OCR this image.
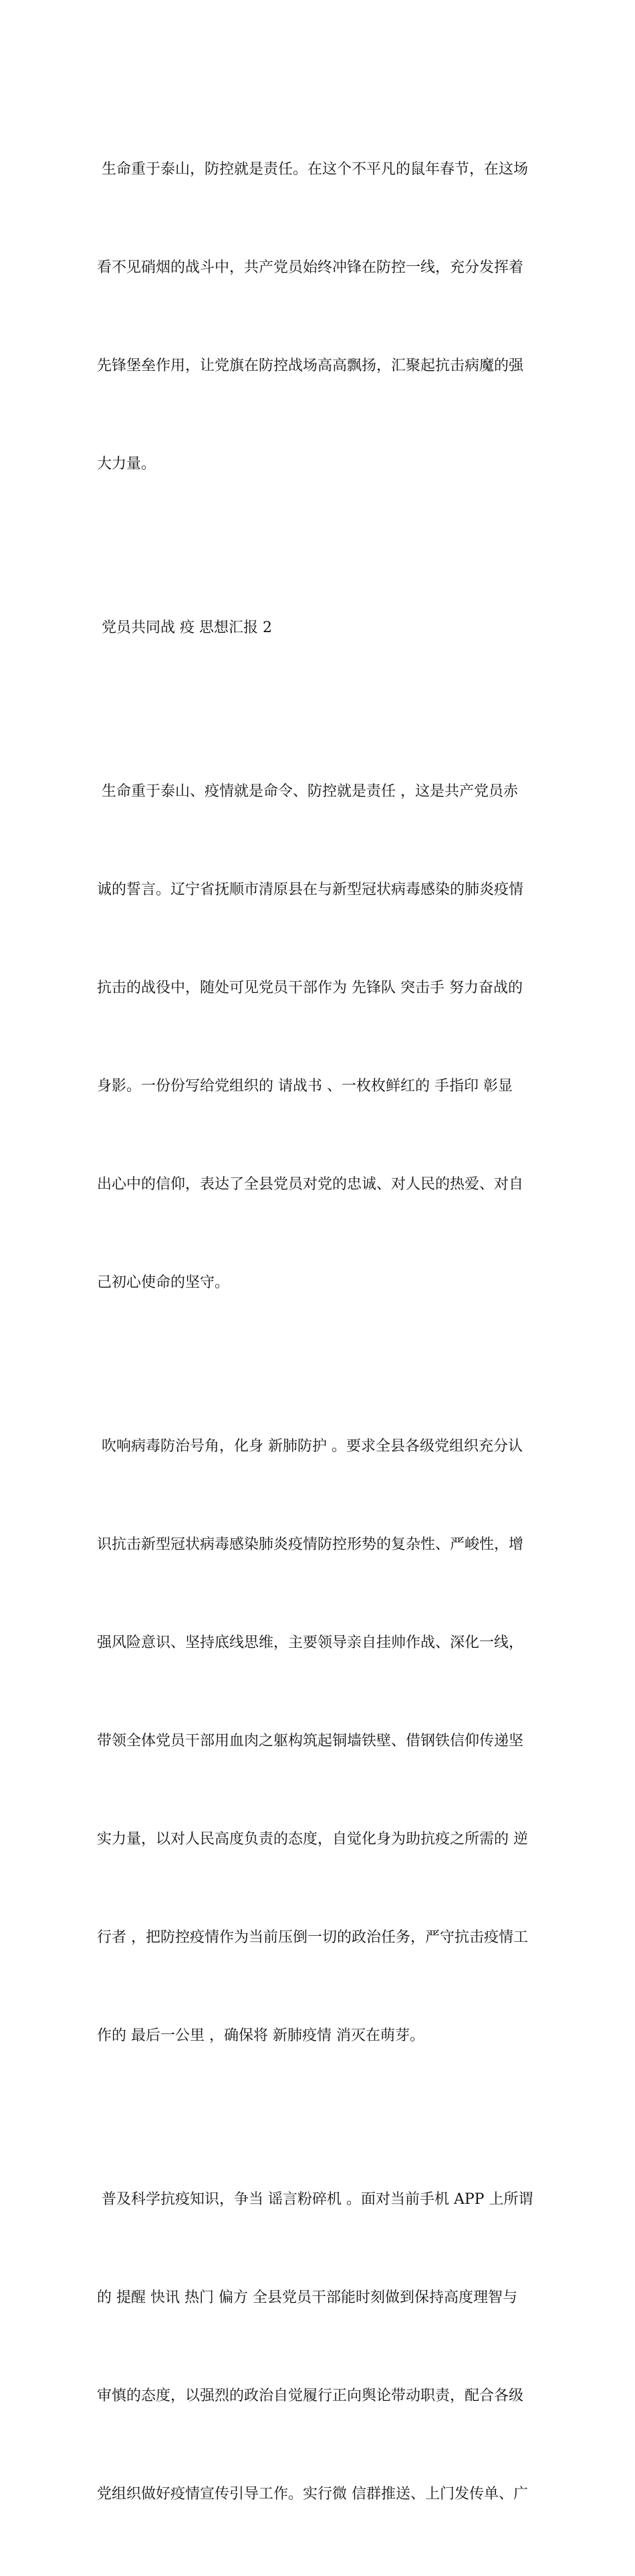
生命重于泰山，防控就是责任。在这个不平凡的鼠年春节，在这场

看不见硝烟的战斗中，共产党员始终冲锋在防控一线，充分发挥着

先锋堡垒作用，让党旗在防控战场高高飘扬，汇聚起抗击病魔的强

大力量。

党员共同战 疫 思想汇报 2

生命重于泰山、疫情就是命令、防控就是责任 ，这是共产党员赤

诚的誓言。辽宁省抚顺市清原县在与新型冠状病毒感染的肺炎疫情

抗击的战役中，随处可见党员干部作为 先锋队 突击手 努力奋战的

身影。一份份写给党组织的 请战书 、一枚枚鲜红的 手指印 彰显

出心中的信仰，表达了全县党员对党的忠诚、对人民的热爱、对自

己初心使命的坚守。

吹响病毒防治号角，化身 新肺防护 。要求全县各级党组织充分认

识抗击新型冠状病毒感染肺炎疫情防控形势的复杂性、严峻性，增

强风险意识、坚持底线思维，主要领导亲自挂帅作战、深化一线，

带领全体党员干部用血肉之躯构筑起铜墙铁壁、借钢铁信仰传递坚

实力量，以对人民高度负责的态度，自觉化身为助抗疫之所需的 逆

行者 ，把防控疫情作为当前压倒一切的政治任务，严守抗击疫情工

作的 最后一公里 ，确保将 新肺疫情 消灭在萌芽。

普及科学抗疫知识，争当 谣言粉碎机 。面对当前手机 APP 上所谓

的 提醒 快讯 热门 偏方 全县党员干部能时刻做到保持高度理智与

审慎的态度，以强烈的政治自觉履行正向舆论带动职责，配合各级

党组织做好疫情宣传引导工作。实行微 信群推送、上门发传单、广
